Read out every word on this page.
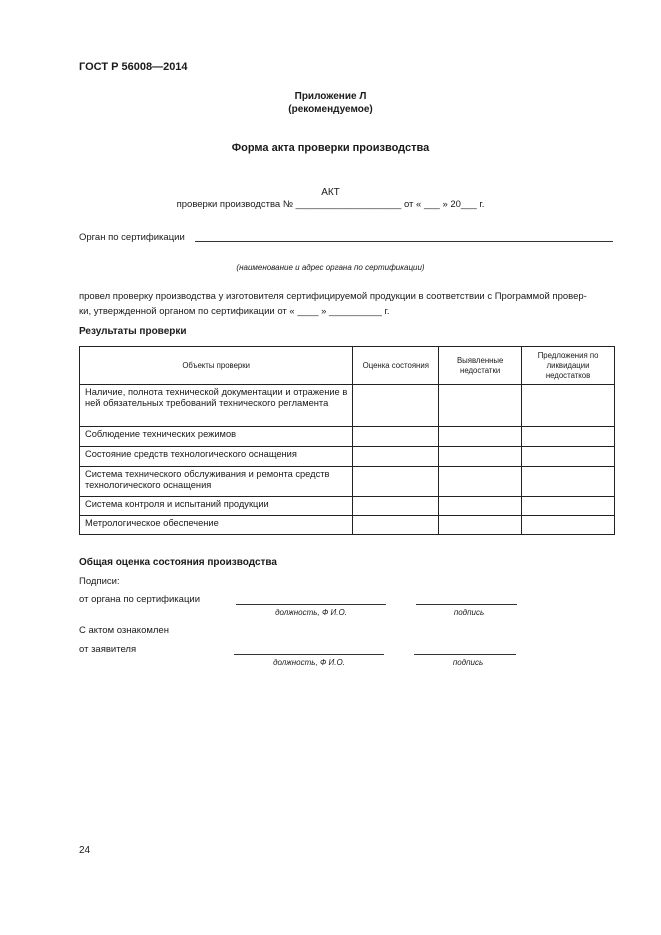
ГОСТ Р 56008—2014
Приложение Л
(рекомендуемое)
Форма акта проверки производства
АКТ
проверки производства № ____________________ от « ___ » 20___ г.
Орган по сертификации
(наименование и адрес органа по сертификации)
провел проверку производства у изготовителя сертифицируемой продукции в соответствии с Программой провер-
ки, утвержденной органом по сертификации от « ____ » __________ г.
Результаты проверки
Объекты проверки	Оценка состояния	Выявленные недостатки	Предложения по ликвидации недостатков
Наличие, полнота технической документации и отражение в ней обязательных требований технического регламента			
Соблюдение технических режимов			
Состояние средств технологического оснащения			
Система технического обслуживания и ремонта средств технологического оснащения			
Система контроля и испытаний продукции			
Метрологическое обеспечение			
Общая оценка состояния производства
Подписи:
от органа по сертификации
должность, Ф И.О.	подпись
С актом ознакомлен
от заявителя
должность, Ф И.О.	подпись
24
